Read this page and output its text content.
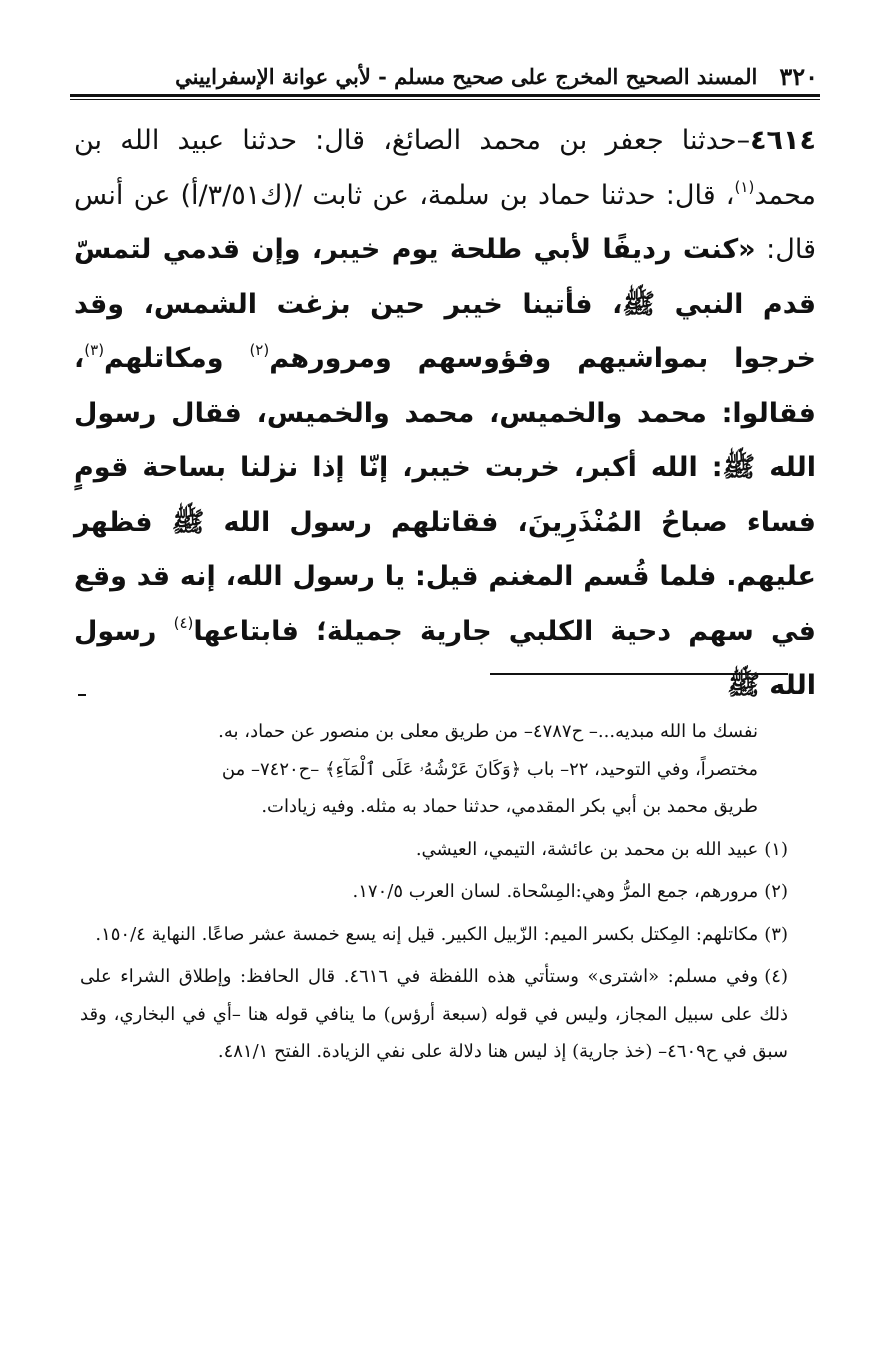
٣٢٠
المسند الصحيح المخرج على صحيح مسلم - لأبي عوانة الإسفراييني

٤٦١٤–حدثنا جعفر بن محمد الصائغ، قال: حدثنا عبيد الله بن محمد$^{(١)}$، قال: حدثنا حماد بن سلمة، عن ثابت /(ك٣/٥١/أ) عن أنس قال: «كنت رديفًا لأبي طلحة يوم خيبر، وإن قدمي لتمسّ قدم النبي ﷺ، فأتينا خيبر حين بزغت الشمس، وقد خرجوا بمواشيهم وفؤوسهم ومرورهم$^{(٢)}$ ومكاتلهم$^{(٣)}$، فقالوا: محمد والخميس، محمد والخميس، فقال رسول الله ﷺ: الله أكبر، خربت خيبر، إنّا إذا نزلنا بساحة قومٍ فساء صباحُ المُنْذَرِينَ، فقاتلهم رسول الله ﷺ فظهر عليهم. فلما قُسم المغنم قيل: يا رسول الله، إنه قد وقع في سهم دحية الكلبي جارية جميلة؛ فابتاعها$^{(٤)}$ رسول الله ﷺ

نفسك ما الله مبديه...– ح٤٧٨٧– من طريق معلى بن منصور عن حماد، به.

مختصراً، وفي التوحيد، ٢٢– باب ﴿وَكَانَ عَرْشُهُۥ عَلَى ٱلْمَآءِ﴾ –ح٧٤٢٠– من

طريق محمد بن أبي بكر المقدمي، حدثنا حماد به مثله. وفيه زيادات.

(١)عبيد الله بن محمد بن عائشة، التيمي، العيشي.

(٢)مرورهم، جمع المرُّ وهي:المِسْحاة. لسان العرب ١٧٠/٥.

(٣)مكاتلهم: المِكتل بكسر الميم: الزّبيل الكبير. قيل إنه يسع خمسة عشر صاعًا. النهاية ١٥٠/٤.

(٤)وفي مسلم: «اشترى» وستأتي هذه اللفظة في ٤٦١٦. قال الحافظ: وإطلاق الشراء على ذلك على سبيل المجاز، وليس في قوله (سبعة أرؤس) ما ينافي قوله هنا –أي في البخاري، وقد سبق في ح٤٦٠٩– (خذ جارية) إذ ليس هنا دلالة على نفي الزيادة. الفتح ٤٨١/١.
